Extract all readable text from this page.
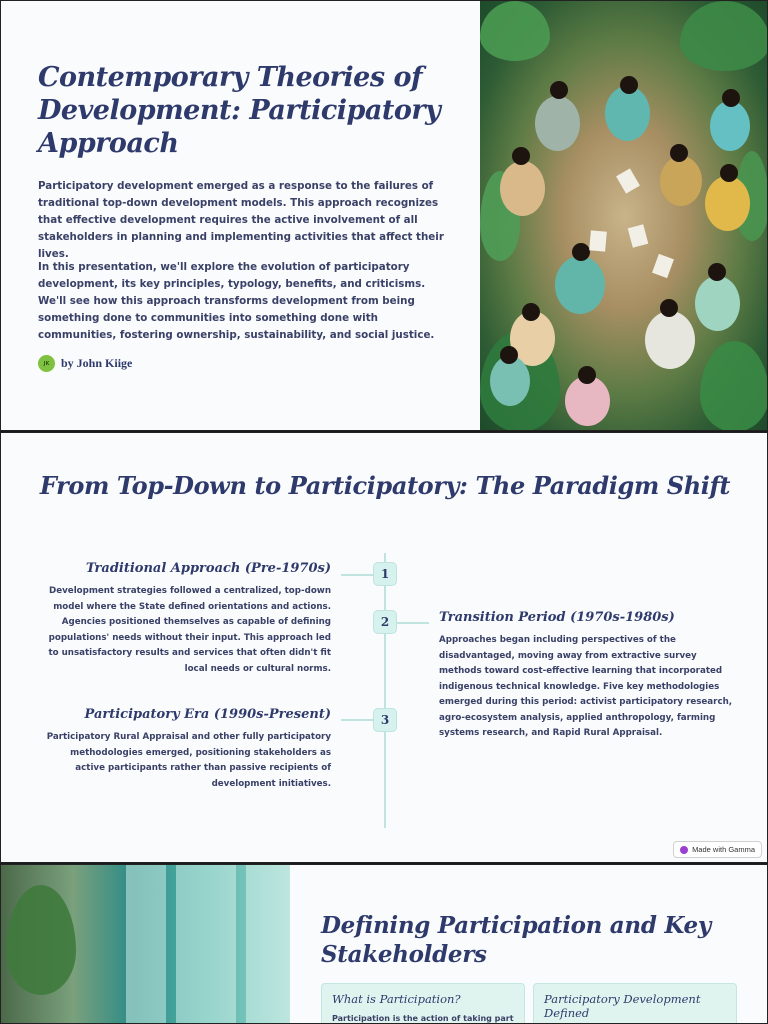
Contemporary Theories of Development: Participatory Approach

Participatory development emerged as a response to the failures of traditional top-down development models. This approach recognizes that effective development requires the active involvement of all stakeholders in planning and implementing activities that affect their lives.

In this presentation, we'll explore the evolution of participatory development, its key principles, typology, benefits, and criticisms. We'll see how this approach transforms development from being something done to communities into something done with communities, fostering ownership, sustainability, and social justice.

JK by John Kiige
From Top-Down to Participatory: The Paradigm Shift
1
2
3
Traditional Approach (Pre-1970s)

Development strategies followed a centralized, top-down model where the State defined orientations and actions. Agencies positioned themselves as capable of defining populations' needs without their input. This approach led to unsatisfactory results and services that often didn't fit local needs or cultural norms.

Transition Period (1970s-1980s)

Approaches began including perspectives of the disadvantaged, moving away from extractive survey methods toward cost-effective learning that incorporated indigenous technical knowledge. Five key methodologies emerged during this period: activist participatory research, agro-ecosystem analysis, applied anthropology, farming systems research, and Rapid Rural Appraisal.

Participatory Era (1990s-Present)

Participatory Rural Appraisal and other fully participatory methodologies emerged, positioning stakeholders as active participants rather than passive recipients of development initiatives.

Made with Gamma
Defining Participation and Key Stakeholders
What is Participation?
Participation is the action of taking part
Participatory Development Defined
